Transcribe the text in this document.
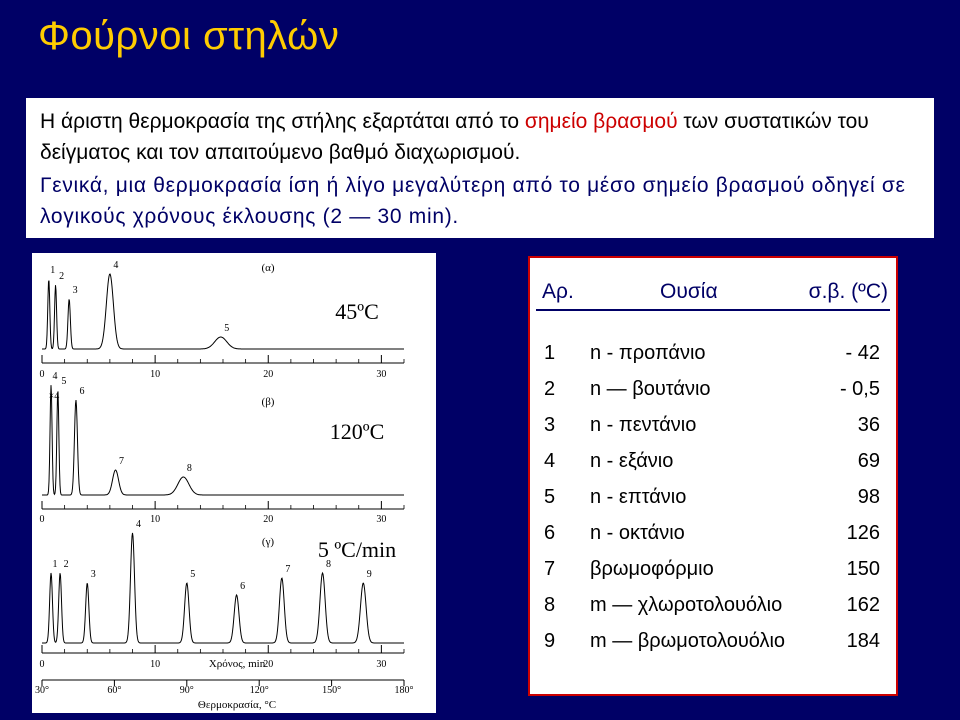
Φούρνοι στηλών

Η άριστη θερμοκρασία της στήλης εξαρτάται από το σημείο βρασμού των συστατικών του δείγματος και τον απαιτούμενο βαθμό διαχωρισμού.

Γενικά, μια θερμοκρασία ίση ή λίγο μεγαλύτερη από το μέσο σημείο βρασμού οδηγεί σε λογικούς χρόνους έκλουσης (2 — 30 min).

1
2
3
4
5
0	10	20	30
(α)
45ºC
4 5
6
7
8
0	10	20	30
(β)
120ºC
×4
1 2
3
4
5
6
7	8
9
0	10	20	30
(γ) 5 ºC/min
Χρόνος, min
30°	60°	90°	120°	150°	180°
Θερμοκρασία, °C
Αρ.	Ουσία	σ.β. (ºC)
1 n - προπάνιο	- 42
2 n — βουτάνιο	- 0,5
3 n - πεντάνιο	36
4 n - εξάνιο	69
5 n - επτάνιο	98
6 n - οκτάνιο	126
7 βρωμοφόρμιο	150
8 m — χλωροτολουόλιο	162
9 m — βρωμοτολουόλιο	184
